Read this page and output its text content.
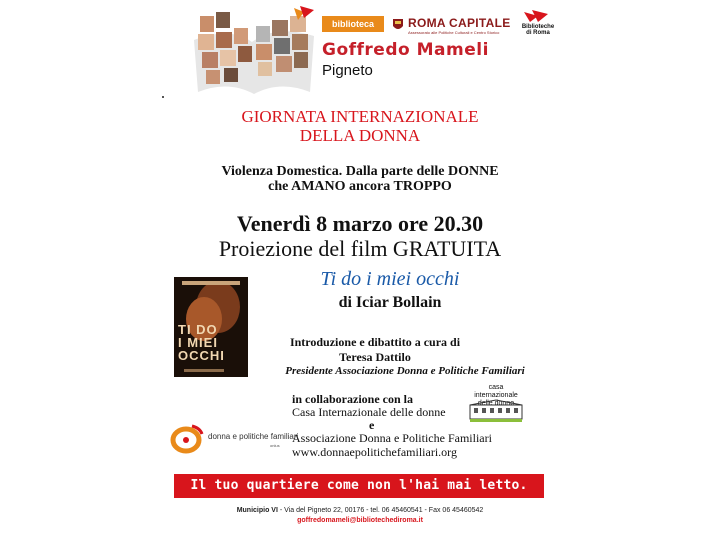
biblioteca	ROMA CAPITALE
Assessorato alle Politiche Culturali e Centro Storico
Biblioteche
di Roma
Goffredo Mameli
Pigneto
GIORNATA INTERNAZIONALE
DELLA DONNA
Violenza Domestica. Dalla parte delle DONNE
che AMANO ancora TROPPO
Venerdì 8 marzo ore 20.30
Proiezione del film GRATUITA
Ti do i miei occhi
di Iciar Bollain
TI DO
I MIEI
OCCHI
Introduzione e dibattito a cura di
Teresa Dattilo
Presidente Associazione Donna e Politiche Familiari
casa internazionale
delle donne
in collaborazione con la
Casa Internazionale delle donne
e
Associazione Donna e Politiche Familiari
www.donnaepolitichefamiliari.org
donna e politiche familiari
onlus
Il tuo quartiere come non l'hai mai letto.
Municipio VI - Via del Pigneto 22, 00176 - tel. 06 45460541 - Fax 06 45460542
goffredomameli@bibliotechediroma.it
